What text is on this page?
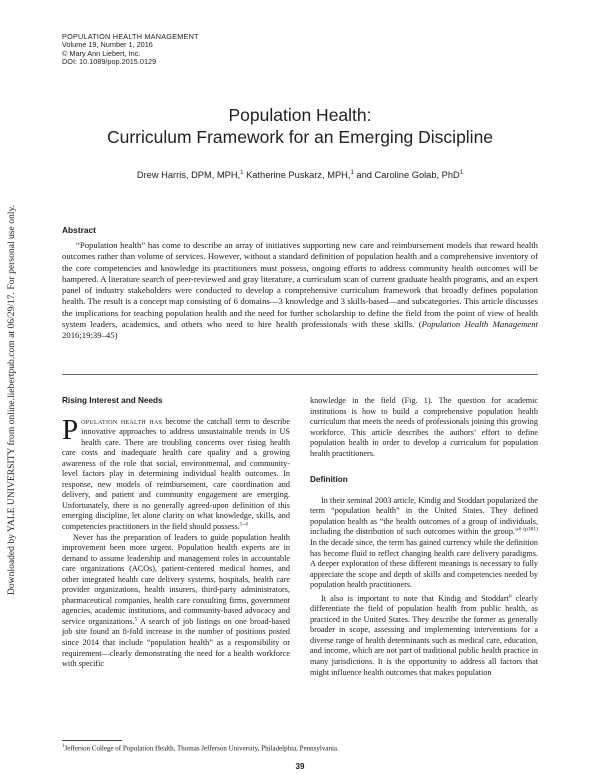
POPULATION HEALTH MANAGEMENT
Volume 19, Number 1, 2016
© Mary Ann Liebert, Inc.
DOI: 10.1089/pop.2015.0129
Downloaded by YALE UNIVERSITY from online.liebertpub.com at 06/29/17. For personal use only.
Population Health:
Curriculum Framework for an Emerging Discipline
Drew Harris, DPM, MPH,$^1$ Katherine Puskarz, MPH,$^1$ and Caroline Golab, PhD$^1$
Abstract

“Population health” has come to describe an array of initiatives supporting new care and reimbursement models that reward health outcomes rather than volume of services. However, without a standard definition of population health and a comprehensive inventory of the core competencies and knowledge its practitioners must possess, ongoing efforts to address community health outcomes will be hampered. A literature search of peer-reviewed and gray literature, a curriculum scan of current graduate health programs, and an expert panel of industry stakeholders were conducted to develop a comprehensive curriculum framework that broadly defines population health. The result is a concept map consisting of 6 domains—3 knowledge and 3 skills-based—and subcategories. This article discusses the implications for teaching population health and the need for further scholarship to define the field from the point of view of health system leaders, academics, and others who need to hire health professionals with these skills. (Population Health Management 2016;19:39–45)

Rising Interest and Needs

Population health has become the catchall term to describe innovative approaches to address unsustainable trends in US health care. There are troubling concerns over rising health care costs and inadequate health care quality and a growing awareness of the role that social, environmental, and community-level factors play in determining individual health outcomes. In response, new models of reimbursement, care coordination and delivery, and patient and community engagement are emerging. Unfortunately, there is no generally agreed-upon definition of this emerging discipline, let alone clarity on what knowledge, skills, and competencies practitioners in the field should possess.$^{1-4}$

Never has the preparation of leaders to guide population health improvement been more urgent. Population health experts are in demand to assume leadership and management roles in accountable care organizations (ACOs), patient-centered medical homes, and other integrated health care delivery systems, hospitals, health care provider organizations, health insurers, third-party administrators, pharmaceutical companies, health care consulting firms, government agencies, academic institutions, and community-based advocacy and service organizations.$^5$ A search of job listings on one broad-based job site found an 8-fold increase in the number of positions posted since 2014 that include “population health” as a responsibility or requirement—clearly demonstrating the need for a health workforce with specific

knowledge in the field (Fig. 1). The question for academic institutions is how to build a comprehensive population health curriculum that meets the needs of professionals joining this growing workforce. This article describes the authors’ effort to define population health in order to develop a curriculum for population health practitioners.

Definition

In their seminal 2003 article, Kindig and Stoddart popularized the term “population health” in the United States. They defined population health as “the health outcomes of a group of individuals, including the distribution of such outcomes within the group.”$^{6 (p381)}$ In the decade since, the term has gained currency while the definition has become fluid to reflect changing health care delivery paradigms. A deeper exploration of these different meanings is necessary to fully appreciate the scope and depth of skills and competencies needed by population health practitioners.

It also is important to note that Kindig and Stoddart$^6$ clearly differentiate the field of population health from public health, as practiced in the United States. They describe the former as generally broader in scope, assessing and implementing interventions for a diverse range of health determinants such as medical care, education, and income, which are not part of traditional public health practice in many jurisdictions. It is the opportunity to address all factors that might influence health outcomes that makes population

$^1$Jefferson College of Population Health, Thomas Jefferson University, Philadelphia, Pennsylvania.
39
